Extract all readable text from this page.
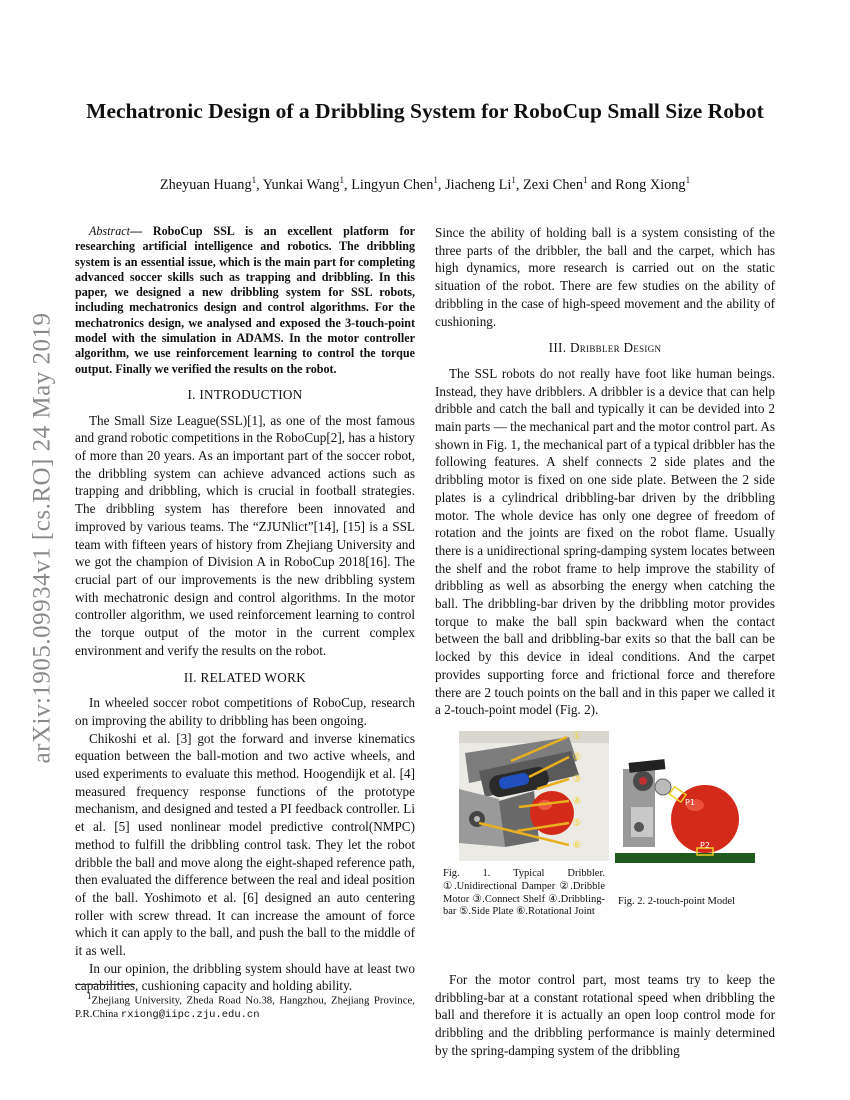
arXiv:1905.09934v1 [cs.RO] 24 May 2019
Mechatronic Design of a Dribbling System for RoboCup Small Size Robot
Zheyuan Huang$^1$, Yunkai Wang$^1$, Lingyun Chen$^1$, Jiacheng Li$^1$, Zexi Chen$^1$ and Rong Xiong$^1$

Abstract— RoboCup SSL is an excellent platform for researching artificial intelligence and robotics. The dribbling system is an essential issue, which is the main part for completing advanced soccer skills such as trapping and dribbling. In this paper, we designed a new dribbling system for SSL robots, including mechatronics design and control algorithms. For the mechatronics design, we analysed and exposed the 3-touch-point model with the simulation in ADAMS. In the motor controller algorithm, we use reinforcement learning to control the torque output. Finally we verified the results on the robot.

I. INTRODUCTION

The Small Size League(SSL)[1], as one of the most famous and grand robotic competitions in the RoboCup[2], has a history of more than 20 years. As an important part of the soccer robot, the dribbling system can achieve advanced actions such as trapping and dribbling, which is crucial in football strategies. The dribbling system has therefore been innovated and improved by various teams. The “ZJUNlict”[14], [15] is a SSL team with fifteen years of history from Zhejiang University and we got the champion of Division A in RoboCup 2018[16]. The crucial part of our improvements is the new dribbling system with mechatronic design and control algorithms. In the motor controller algorithm, we used reinforcement learning to control the torque output of the motor in the current complex environment and verify the results on the robot.

II. RELATED WORK

In wheeled soccer robot competitions of RoboCup, research on improving the ability to dribbling has been ongoing.

Chikoshi et al. [3] got the forward and inverse kinematics equation between the ball-motion and two active wheels, and used experiments to evaluate this method. Hoogendijk et al. [4] measured frequency response functions of the prototype mechanism, and designed and tested a PI feedback controller. Li et al. [5] used nonlinear model predictive control(NMPC) method to fulfill the dribbling control task. They let the robot dribble the ball and move along the eight-shaped reference path, then evaluated the difference between the real and ideal position of the ball. Yoshimoto et al. [6] designed an auto centering roller with screw thread. It can increase the amount of force which it can apply to the ball, and push the ball to the middle of it as well.

In our opinion, the dribbling system should have at least two capabilities, cushioning capacity and holding ability.

$^1$Zhejiang University, Zheda Road No.38, Hangzhou, Zhejiang Province, P.R.China rxiong@iipc.zju.edu.cn

Since the ability of holding ball is a system consisting of the three parts of the dribbler, the ball and the carpet, which has high dynamics, more research is carried out on the static situation of the robot. There are few studies on the ability of dribbling in the case of high-speed movement and the ability of cushioning.

III. Dribbler Design

The SSL robots do not really have foot like human beings. Instead, they have dribblers. A dribbler is a device that can help dribble and catch the ball and typically it can be devided into 2 main parts — the mechanical part and the motor control part. As shown in Fig. 1, the mechanical part of a typical dribbler has the following features. A shelf connects 2 side plates and the dribbling motor is fixed on one side plate. Between the 2 side plates is a cylindrical dribbling-bar driven by the dribbling motor. The whole device has only one degree of freedom of rotation and the joints are fixed on the robot flame. Usually there is a unidirectional spring-damping system locates between the shelf and the robot frame to help improve the stability of dribbling as well as absorbing the energy when catching the ball. The dribbling-bar driven by the dribbling motor provides torque to make the ball spin backward when the contact between the ball and dribbling-bar exits so that the ball can be locked by this device in ideal conditions. And the carpet provides supporting force and frictional force and therefore there are 2 touch points on the ball and in this paper we called it a 2-touch-point model (Fig. 2).

①
②
③
④
⑤
⑥
P1
P2
Fig. 1. Typical Dribbler. ①.Unidirectional Damper ②.Dribble Motor ③.Connect Shelf ④.Dribbling-bar ⑤.Side Plate ⑥.Rotational Joint
Fig. 2. 2-touch-point Model

For the motor control part, most teams try to keep the dribbling-bar at a constant rotational speed when dribbling the ball and therefore it is actually an open loop control mode for dribbling and the dribbling performance is mainly determined by the spring-damping system of the dribbling
